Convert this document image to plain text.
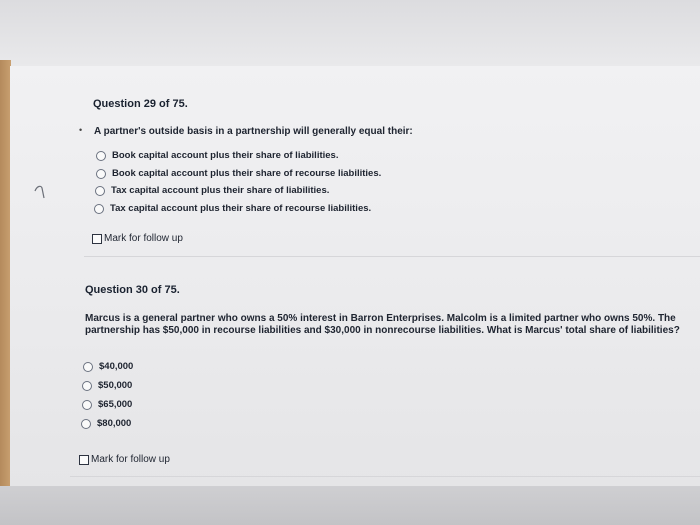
Question 29 of 75.
• A partner's outside basis in a partnership will generally equal their:
Book capital account plus their share of liabilities.
Book capital account plus their share of recourse liabilities.
Tax capital account plus their share of liabilities.
Tax capital account plus their share of recourse liabilities.
Mark for follow up
Question 30 of 75.
Marcus is a general partner who owns a 50% interest in Barron Enterprises. Malcolm is a limited partner who owns 50%. The partnership has $50,000 in recourse liabilities and $30,000 in nonrecourse liabilities. What is Marcus' total share of liabilities?
$40,000
$50,000
$65,000
$80,000
Mark for follow up
